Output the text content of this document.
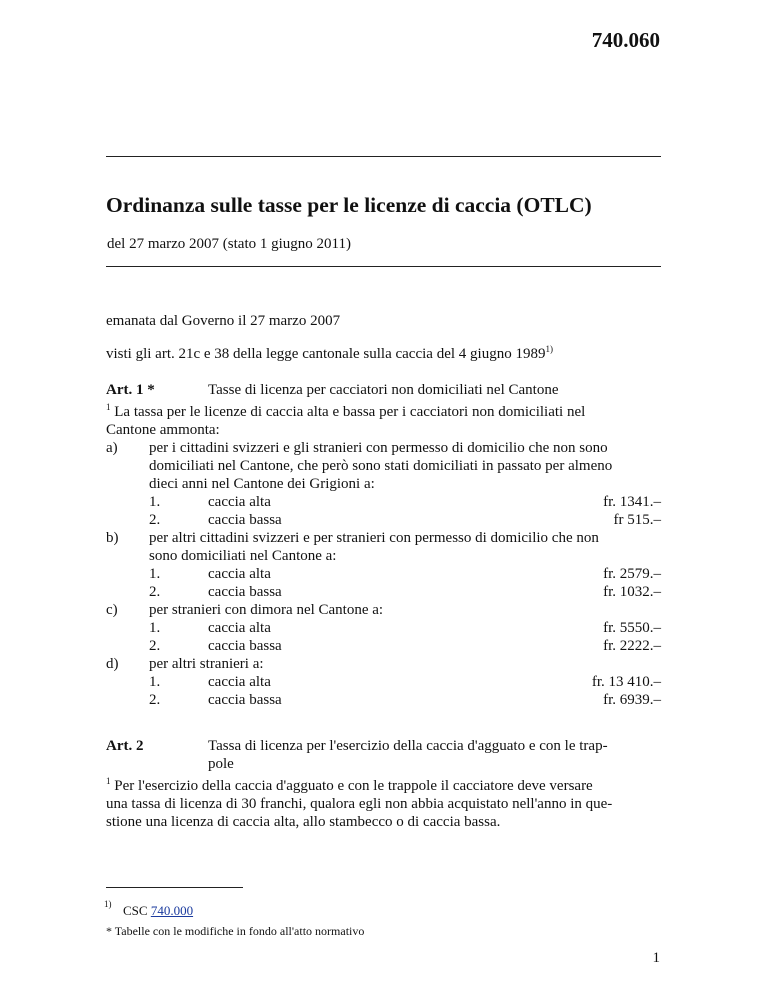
740.060
Ordinanza sulle tasse per le licenze di caccia (OTLC)
del 27 marzo 2007 (stato 1 giugno 2011)
emanata dal Governo il 27 marzo 2007
visti gli art. 21c e 38 della legge cantonale sulla caccia del 4 giugno 1989$^{1)}$
Art. 1 *	Tasse di licenza per cacciatori non domiciliati nel Cantone
$^1$ La tassa per le licenze di caccia alta e bassa per i cacciatori non domiciliati nel
Cantone ammonta:
a) per i cittadini svizzeri e gli stranieri con permesso di domicilio che non sono
domiciliati nel Cantone, che però sono stati domiciliati in passato per almeno
dieci anni nel Cantone dei Grigioni a:
1.	caccia alta	fr. 1341.–
2.	caccia bassa	fr 515.–
b) per altri cittadini svizzeri e per stranieri con permesso di domicilio che non
sono domiciliati nel Cantone a:
1.	caccia alta	fr. 2579.–
2.	caccia bassa	fr. 1032.–
c) per stranieri con dimora nel Cantone a:
1.	caccia alta	fr. 5550.–
2.	caccia bassa	fr. 2222.–
d) per altri stranieri a:
1.	caccia alta	fr. 13 410.–
2.	caccia bassa	fr. 6939.–
Art. 2	Tassa di licenza per l'esercizio della caccia d'agguato e con le trap-
pole
$^1$ Per l'esercizio della caccia d'agguato e con le trappole il cacciatore deve versare
una tassa di licenza di 30 franchi, qualora egli non abbia acquistato nell'anno in que-
stione una licenza di caccia alta, allo stambecco o di caccia bassa.
1) CSC 740.000
* Tabelle con le modifiche in fondo all'atto normativo
1
